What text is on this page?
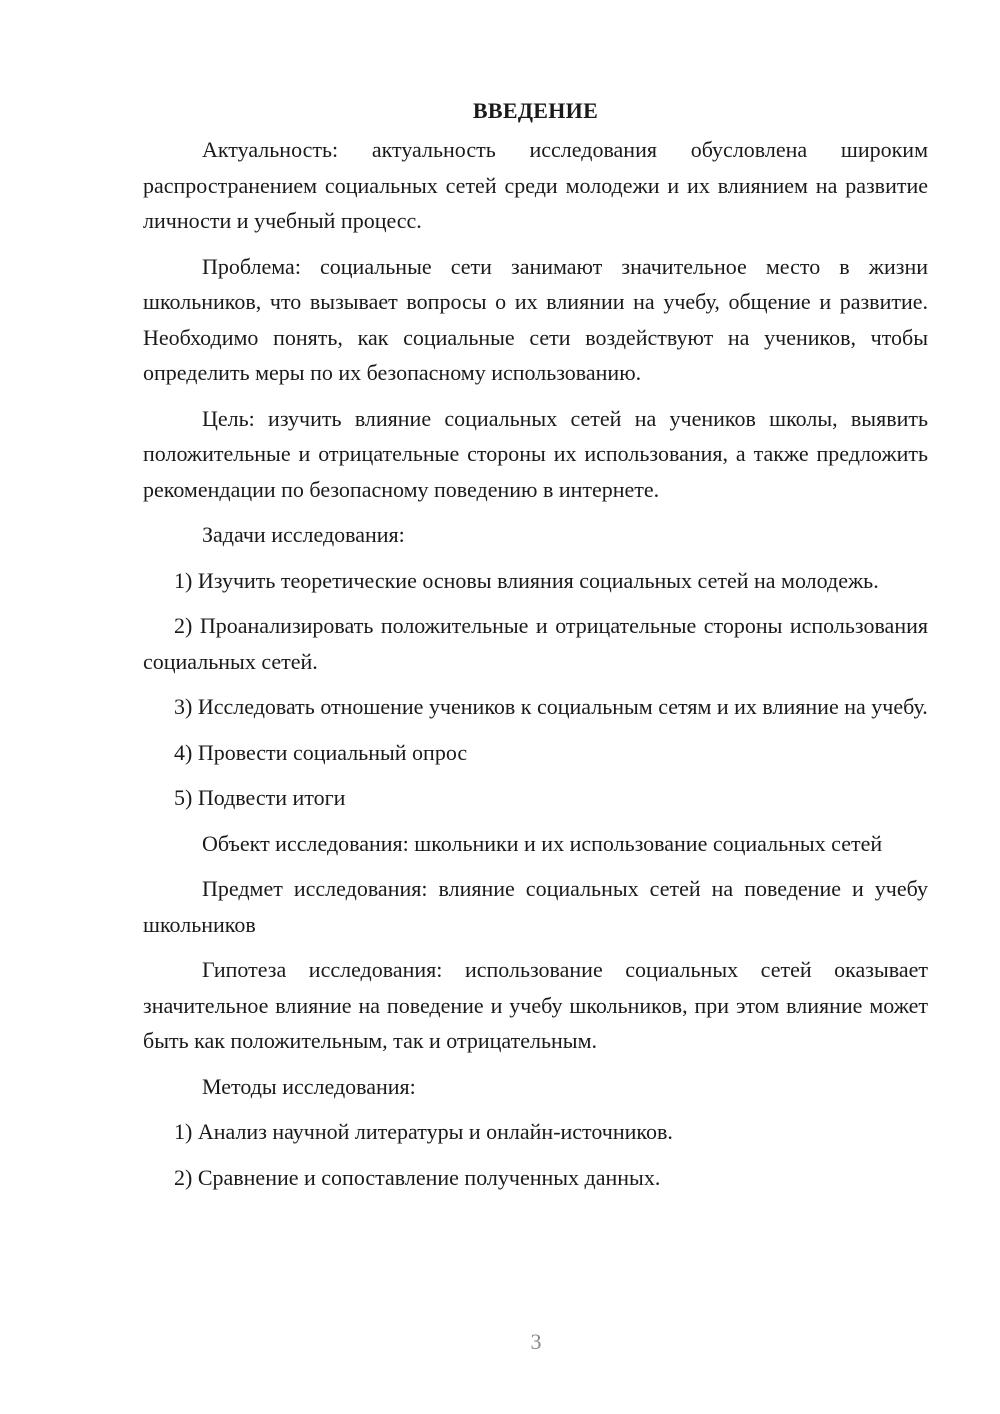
ВВЕДЕНИЕ

Актуальность: актуальность исследования обусловлена широким распространением социальных сетей среди молодежи и их влиянием на развитие личности и учебный процесс.

Проблема: социальные сети занимают значительное место в жизни школьников, что вызывает вопросы о их влиянии на учебу, общение и развитие. Необходимо понять, как социальные сети воздействуют на учеников, чтобы определить меры по их безопасному использованию.

Цель: изучить влияние социальных сетей на учеников школы, выявить положительные и отрицательные стороны их использования, а также предложить рекомендации по безопасному поведению в интернете.

Задачи исследования:

1) Изучить теоретические основы влияния социальных сетей на молодежь.

2) Проанализировать положительные и отрицательные стороны использования социальных сетей.

3) Исследовать отношение учеников к социальным сетям и их влияние на учебу.

4) Провести социальный опрос

5) Подвести итоги

Объект исследования: школьники и их использование социальных сетей

Предмет исследования: влияние социальных сетей на поведение и учебу школьников

Гипотеза исследования: использование социальных сетей оказывает значительное влияние на поведение и учебу школьников, при этом влияние может быть как положительным, так и отрицательным.

Методы исследования:

1) Анализ научной литературы и онлайн-источников.

2) Сравнение и сопоставление полученных данных.

3
